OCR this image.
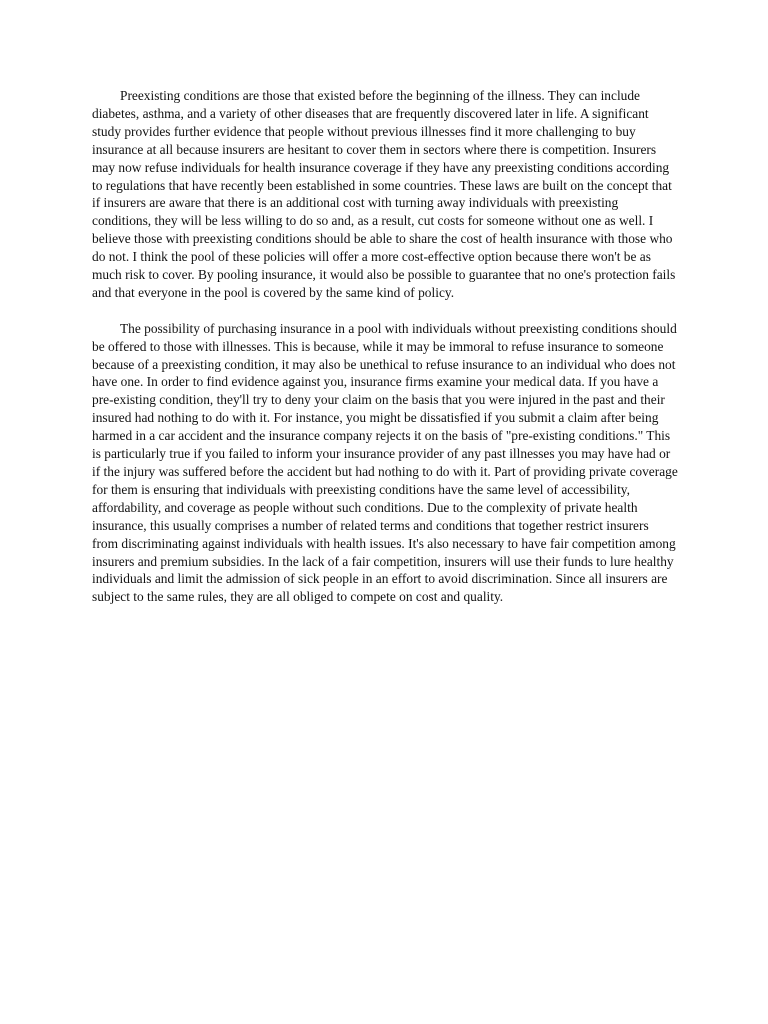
Preexisting conditions are those that existed before the beginning of the illness. They can include diabetes, asthma, and a variety of other diseases that are frequently discovered later in life. A significant study provides further evidence that people without previous illnesses find it more challenging to buy insurance at all because insurers are hesitant to cover them in sectors where there is competition. Insurers may now refuse individuals for health insurance coverage if they have any preexisting conditions according to regulations that have recently been established in some countries. These laws are built on the concept that if insurers are aware that there is an additional cost with turning away individuals with preexisting conditions, they will be less willing to do so and, as a result, cut costs for someone without one as well. I believe those with preexisting conditions should be able to share the cost of health insurance with those who do not. I think the pool of these policies will offer a more cost-effective option because there won't be as much risk to cover. By pooling insurance, it would also be possible to guarantee that no one's protection fails and that everyone in the pool is covered by the same kind of policy.

The possibility of purchasing insurance in a pool with individuals without preexisting conditions should be offered to those with illnesses. This is because, while it may be immoral to refuse insurance to someone because of a preexisting condition, it may also be unethical to refuse insurance to an individual who does not have one. In order to find evidence against you, insurance firms examine your medical data. If you have a pre-existing condition, they'll try to deny your claim on the basis that you were injured in the past and their insured had nothing to do with it. For instance, you might be dissatisfied if you submit a claim after being harmed in a car accident and the insurance company rejects it on the basis of "pre-existing conditions." This is particularly true if you failed to inform your insurance provider of any past illnesses you may have had or if the injury was suffered before the accident but had nothing to do with it. Part of providing private coverage for them is ensuring that individuals with preexisting conditions have the same level of accessibility, affordability, and coverage as people without such conditions. Due to the complexity of private health insurance, this usually comprises a number of related terms and conditions that together restrict insurers from discriminating against individuals with health issues. It's also necessary to have fair competition among insurers and premium subsidies. In the lack of a fair competition, insurers will use their funds to lure healthy individuals and limit the admission of sick people in an effort to avoid discrimination. Since all insurers are subject to the same rules, they are all obliged to compete on cost and quality.
